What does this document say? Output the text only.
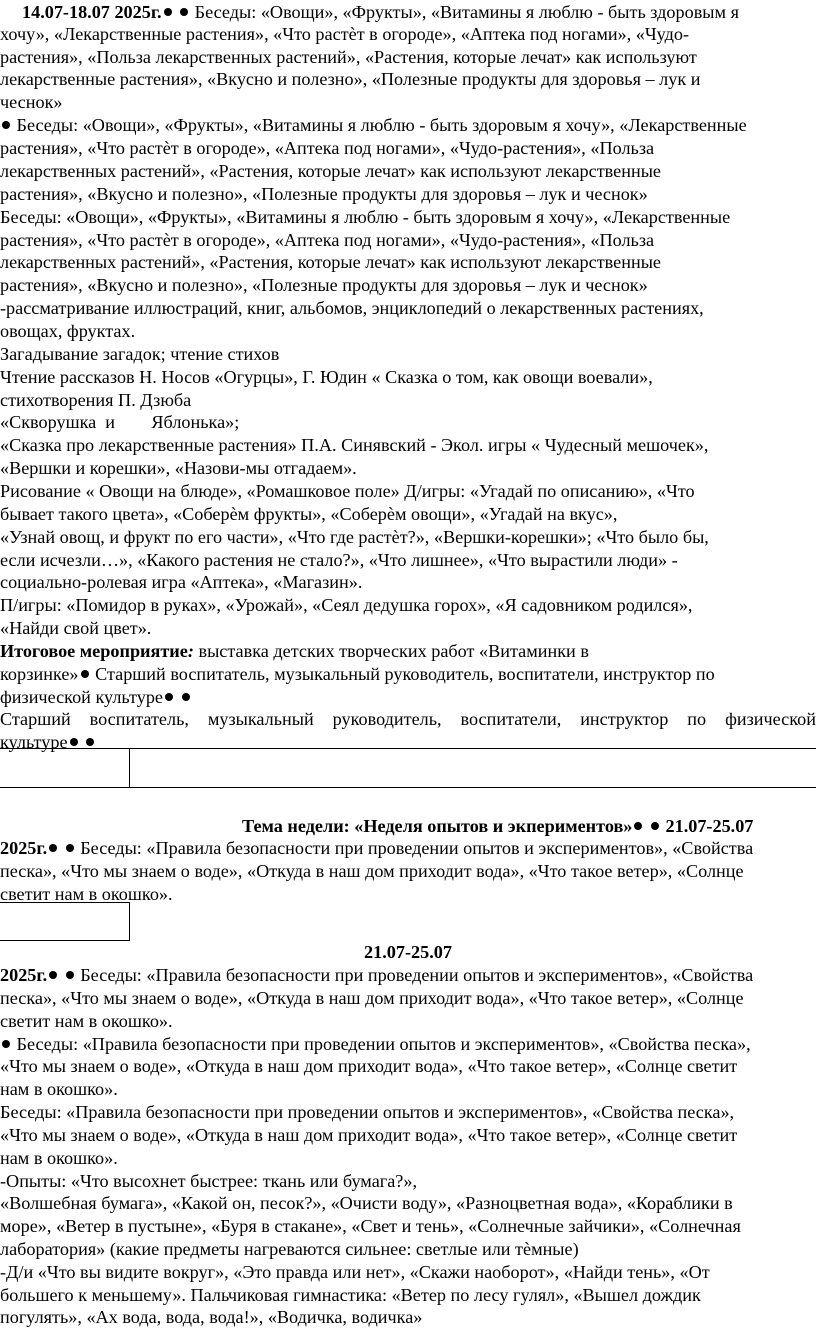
14.07-18.07 2025г. Беседы: «Овощи», «Фрукты», «Витамины я люблю - быть здоровым я
хочу», «Лекарственные растения», «Что растѐт в огороде», «Аптека под ногами», «Чудо-
растения», «Польза лекарственных растений», «Растения, которые лечат» как используют
лекарственные растения», «Вкусно и полезно», «Полезные продукты для здоровья – лук и
чеснок»
Беседы: «Овощи», «Фрукты», «Витамины я люблю - быть здоровым я хочу», «Лекарственные
растения», «Что растѐт в огороде», «Аптека под ногами», «Чудо-растения», «Польза
лекарственных растений», «Растения, которые лечат» как используют лекарственные
растения», «Вкусно и полезно», «Полезные продукты для здоровья – лук и чеснок»
Беседы: «Овощи», «Фрукты», «Витамины я люблю - быть здоровым я хочу», «Лекарственные
растения», «Что растѐт в огороде», «Аптека под ногами», «Чудо-растения», «Польза
лекарственных растений», «Растения, которые лечат» как используют лекарственные
растения», «Вкусно и полезно», «Полезные продукты для здоровья – лук и чеснок»
-рассматривание иллюстраций, книг, альбомов, энциклопедий о лекарственных растениях,
овощах, фруктах.
Загадывание загадок; чтение стихов
Чтение рассказов Н. Носов «Огурцы», Г. Юдин « Сказка о том, как овощи воевали»,
стихотворения П. Дзюба
«Скворушка  и        Яблонька»;
«Сказка про лекарственные растения» П.А. Синявский - Экол. игры « Чудесный мешочек»,
«Вершки и корешки», «Назови-мы отгадаем».
Рисование « Овощи на блюде», «Ромашковое поле» Д/игры: «Угадай по описанию», «Что
бывает такого цвета», «Соберѐм фрукты», «Соберѐм овощи», «Угадай на вкус»,
«Узнай овощ, и фрукт по его части», «Что где растѐт?», «Вершки-корешки»; «Что было бы,
если исчезли…», «Какого растения не стало?», «Что лишнее», «Что вырастили люди» -
социально-ролевая игра «Аптека», «Магазин».
П/игры: «Помидор в руках», «Урожай», «Сеял дедушка горох», «Я садовником родился»,
«Найди свой цвет».
Итоговое мероприятие: выставка детских творческих работ «Витаминки в
корзинке» Старший воспитатель, музыкальный руководитель, воспитатели, инструктор по
физической культуре
Старший воспитатель, музыкальный руководитель, воспитатели, инструктор по физической
культуре
Тема недели: «Неделя опытов и экпериментов»  21.07-25.07
2025г. Беседы: «Правила безопасности при проведении опытов и экспериментов», «Свойства
песка», «Что мы знаем о воде», «Откуда в наш дом приходит вода», «Что такое ветер», «Солнце
светит нам в окошко».
21.07-25.07
2025г. Беседы: «Правила безопасности при проведении опытов и экспериментов», «Свойства
песка», «Что мы знаем о воде», «Откуда в наш дом приходит вода», «Что такое ветер», «Солнце
светит нам в окошко».
Беседы: «Правила безопасности при проведении опытов и экспериментов», «Свойства песка»,
«Что мы знаем о воде», «Откуда в наш дом приходит вода», «Что такое ветер», «Солнце светит
нам в окошко».
Беседы: «Правила безопасности при проведении опытов и экспериментов», «Свойства песка»,
«Что мы знаем о воде», «Откуда в наш дом приходит вода», «Что такое ветер», «Солнце светит
нам в окошко».
-Опыты: «Что высохнет быстрее: ткань или бумага?»,
«Волшебная бумага», «Какой он, песок?», «Очисти воду», «Разноцветная вода», «Кораблики в
море», «Ветер в пустыне», «Буря в стакане», «Свет и тень», «Солнечные зайчики», «Солнечная
лаборатория» (какие предметы нагреваются сильнее: светлые или тѐмные)
-Д/и «Что вы видите вокруг», «Это правда или нет», «Скажи наоборот», «Найди тень», «От
большего к меньшему». Пальчиковая гимнастика: «Ветер по лесу гулял», «Вышел дождик
погулять», «Ах вода, вода, вода!», «Водичка, водичка»
